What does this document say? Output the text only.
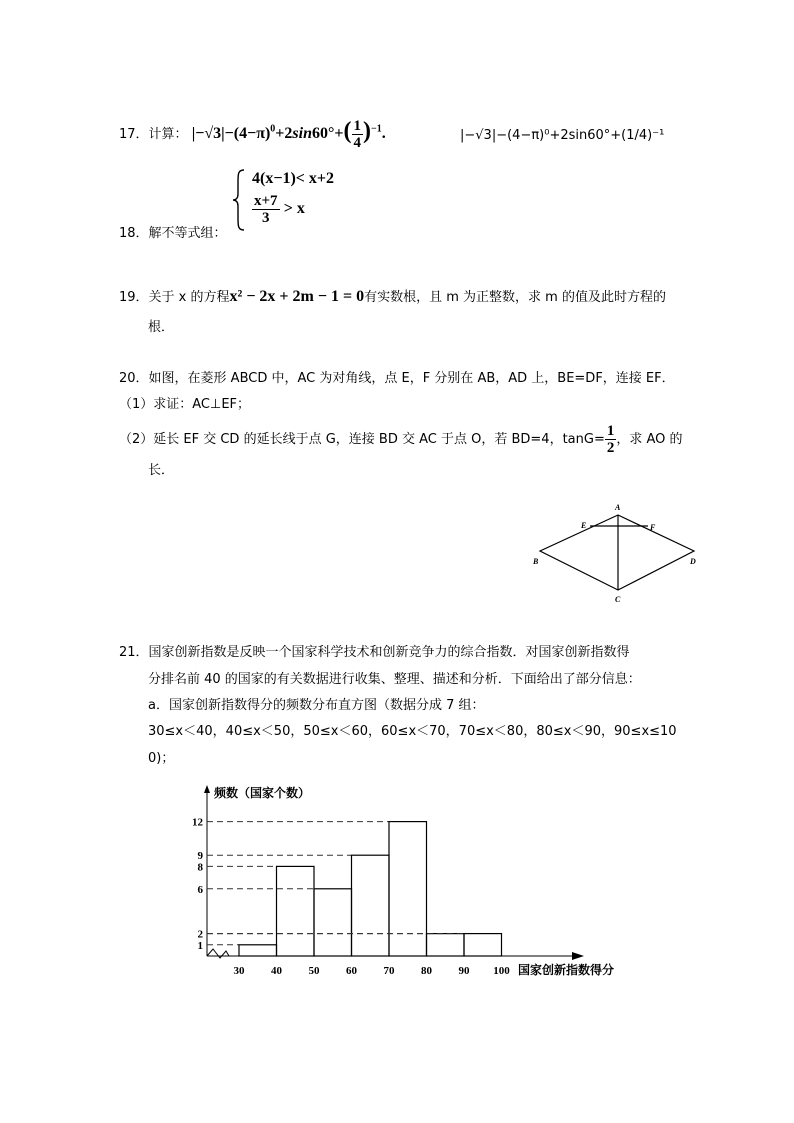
17．计算： $|-√3|-(4-\pi)^0+2\sin 60^\circ+( \frac{1}{4} )^{-1}$.	|−√3|−(4−π)⁰+2sin60°+(1/4)⁻¹
18．解不等式组：
4(x−1)< x+2
$\frac{x+7}{3} > x$
19．关于 x 的方程x² − 2x + 2m − 1 = 0有实数根，且 m 为正整数，求 m 的值及此时方程的
根．
20．如图，在菱形 ABCD 中，AC 为对角线，点 E，F 分别在 AB，AD 上，BE=DF，连接 EF．
（1）求证：AC⊥EF；
（2）延长 EF 交 CD 的延长线于点 G，连接 BD 交 AC 于点 O，若 BD=4，$\tan G= \frac{1}{2}$ ，求 AO 的
长．
A
B
C
D
E	F
21．国家创新指数是反映一个国家科学技术和创新竞争力的综合指数．对国家创新指数得
分排名前 40 的国家的有关数据进行收集、整理、描述和分析．下面给出了部分信息：
a．国家创新指数得分的频数分布直方图（数据分成 7 组：
30≤x＜40，40≤x＜50，50≤x＜60，60≤x＜70，70≤x＜80，80≤x＜90，90≤x≤10
0)；
频数（国家个数）
国家创新指数得分
30 40 50 60 70 80 90 100
1
2
6
8
9
12
